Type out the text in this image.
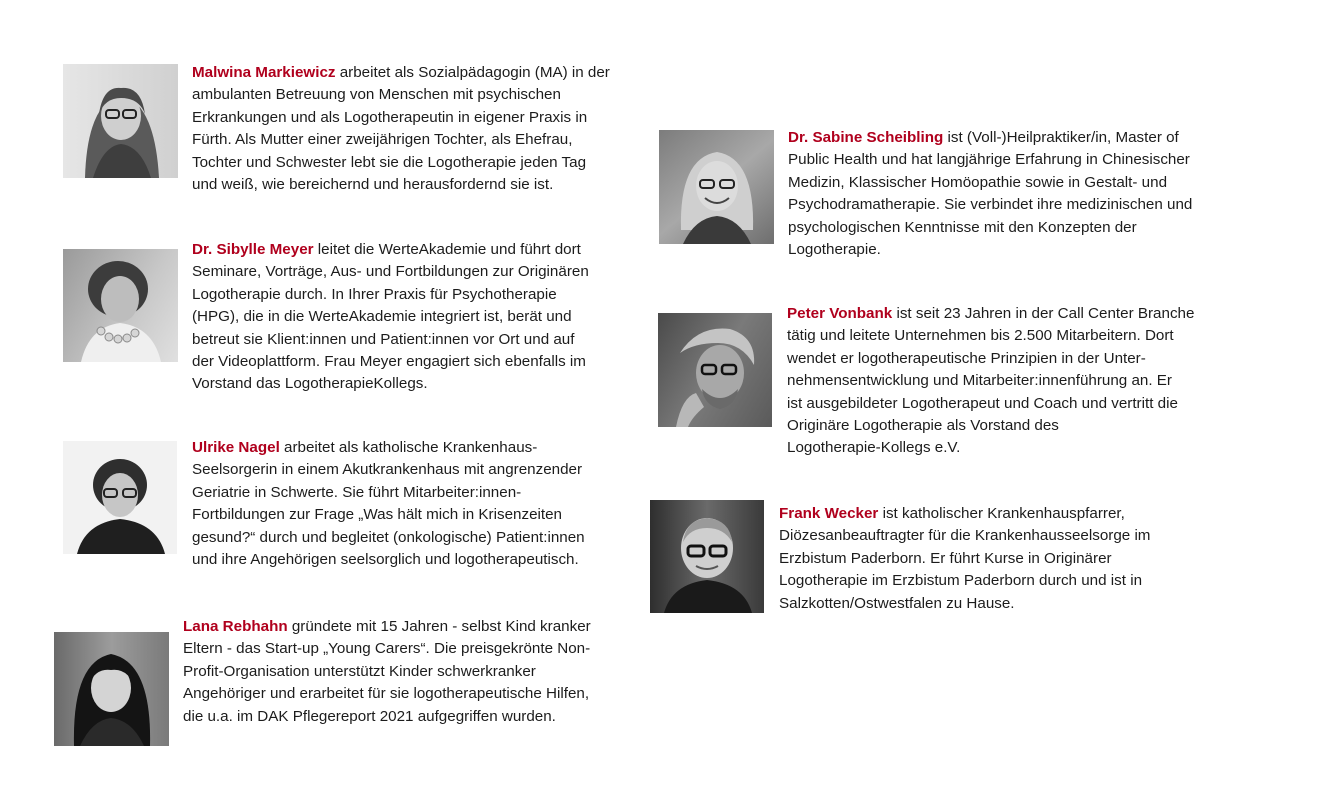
Malwina Markiewicz arbeitet als Sozialpädagogin (MA) in der
ambulanten Betreuung von Menschen mit psychischen
Erkrankungen und als Logotherapeutin in eigener Praxis in
Fürth. Als Mutter einer zweijährigen Tochter, als Ehefrau,
Tochter und Schwester lebt sie die Logotherapie jeden Tag
und weiß, wie bereichernd und herausfordernd sie ist.
Dr. Sibylle Meyer leitet die WerteAkademie und führt dort
Seminare, Vorträge, Aus- und Fortbildungen zur Originären
Logotherapie durch. In Ihrer Praxis für Psychotherapie
(HPG), die in die WerteAkademie integriert ist, berät und
betreut sie Klient:innen und Patient:innen vor Ort und auf
der Videoplattform. Frau Meyer engagiert sich ebenfalls im
Vorstand das LogotherapieKollegs.
Ulrike Nagel arbeitet als katholische Krankenhaus-
Seelsorgerin in einem Akutkrankenhaus mit angrenzender
Geriatrie in Schwerte. Sie führt Mitarbeiter:innen-
Fortbildungen zur Frage „Was hält mich in Krisenzeiten
gesund?“ durch und begleitet (onkologische) Patient:innen
und ihre Angehörigen seelsorglich und logotherapeutisch.
Lana Rebhahn gründete mit 15 Jahren - selbst Kind kranker
Eltern - das Start-up „Young Carers“. Die preisgekrönte Non-
Profit-Organisation unterstützt Kinder schwerkranker
Angehöriger und erarbeitet für sie logotherapeutische Hilfen,
die u.a. im DAK Pflegereport 2021 aufgegriffen wurden.
Dr. Sabine Scheibling ist (Voll-)Heilpraktiker/in, Master of
Public Health und hat langjährige Erfahrung in Chinesischer
Medizin, Klassischer Homöopathie sowie in Gestalt- und
Psychodramatherapie. Sie verbindet ihre medizinischen und
psychologischen Kenntnisse mit den Konzepten der
Logotherapie.
Peter Vonbank ist seit 23 Jahren in der Call Center Branche
tätig und leitete Unternehmen bis 2.500 Mitarbeitern. Dort
wendet er logotherapeutische Prinzipien in der Unter-
nehmensentwicklung und Mitarbeiter:innenführung an. Er
ist ausgebildeter Logotherapeut und Coach und vertritt die
Originäre Logotherapie als Vorstand des
Logotherapie-Kollegs e.V.
Frank Wecker ist katholischer Krankenhauspfarrer,
Diözesanbeauftragter für die Krankenhausseelsorge im
Erzbistum Paderborn. Er führt Kurse in Originärer
Logotherapie im Erzbistum Paderborn durch und ist in
Salzkotten/Ostwestfalen zu Hause.
